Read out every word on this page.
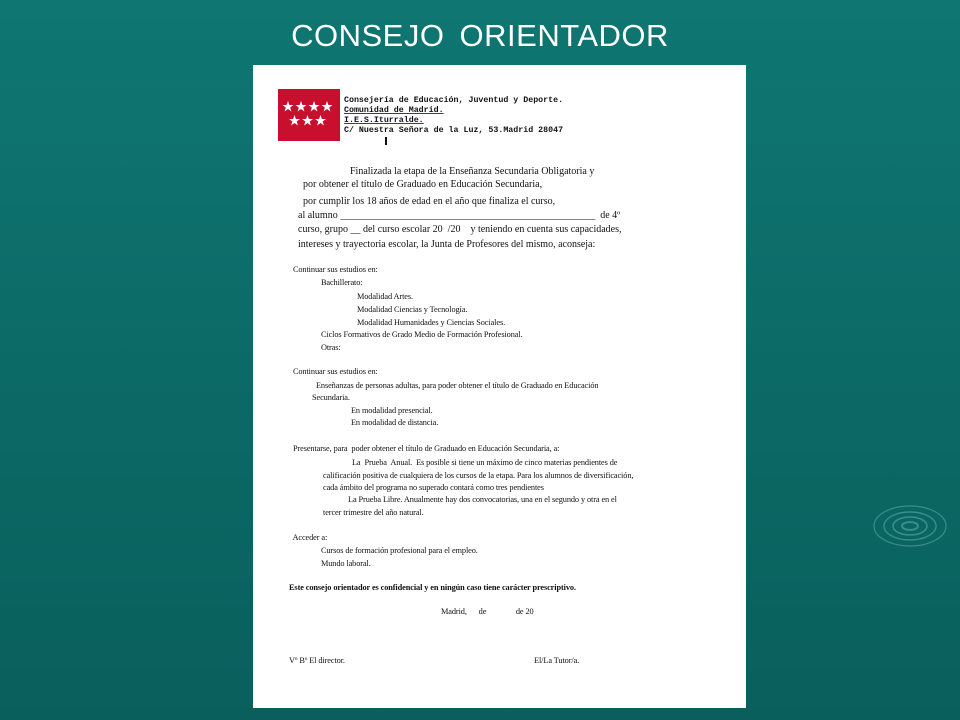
CONSEJO ORIENTADOR
Consejería de Educación, Juventud y Deporte.
Comunidad de Madrid.
I.E.S.Iturralde.
C/ Nuestra Señora de la Luz, 53.Madrid 28047
Finalizada la etapa de la Enseñanza Secundaria Obligatoria y
por obtener el título de Graduado en Educación Secundaria,
por cumplir los 18 años de edad en el año que finaliza el curso,
al alumno ___________________________________________________  de 4º
curso, grupo __ del curso escolar 20  /20    y teniendo en cuenta sus capacidades,
intereses y trayectoria escolar, la Junta de Profesores del mismo, aconseja:
Continuar sus estudios en:
Bachillerato:
Modalidad Artes.
Modalidad Ciencias y Tecnología.
Modalidad Humanidades y Ciencias Sociales.
Ciclos Formativos de Grado Medio de Formación Profesional.
Otras:
Continuar sus estudios en:
Enseñanzas de personas adultas, para poder obtener el título de Graduado en Educación
Secundaria.
En modalidad presencial.
En modalidad de distancia.
Presentarse, para  poder obtener el título de Graduado en Educación Secundaria, a:
La  Prueba  Anual.  Es posible si tiene un máximo de cinco materias pendientes de
calificación positiva de cualquiera de los cursos de la etapa. Para los alumnos de diversificación,
cada ámbito del programa no superado contará como tres pendientes
La Prueba Libre. Anualmente hay dos convocatorias, una en el segundo y otra en el
tercer trimestre del año natural.
Acceder a:
Cursos de formación profesional para el empleo.
Mundo laboral.
Este consejo orientador es confidencial y en ningún caso tiene carácter prescriptivo.
Madrid,      de               de 20
Vº Bº El director.	El/La Tutor/a.
